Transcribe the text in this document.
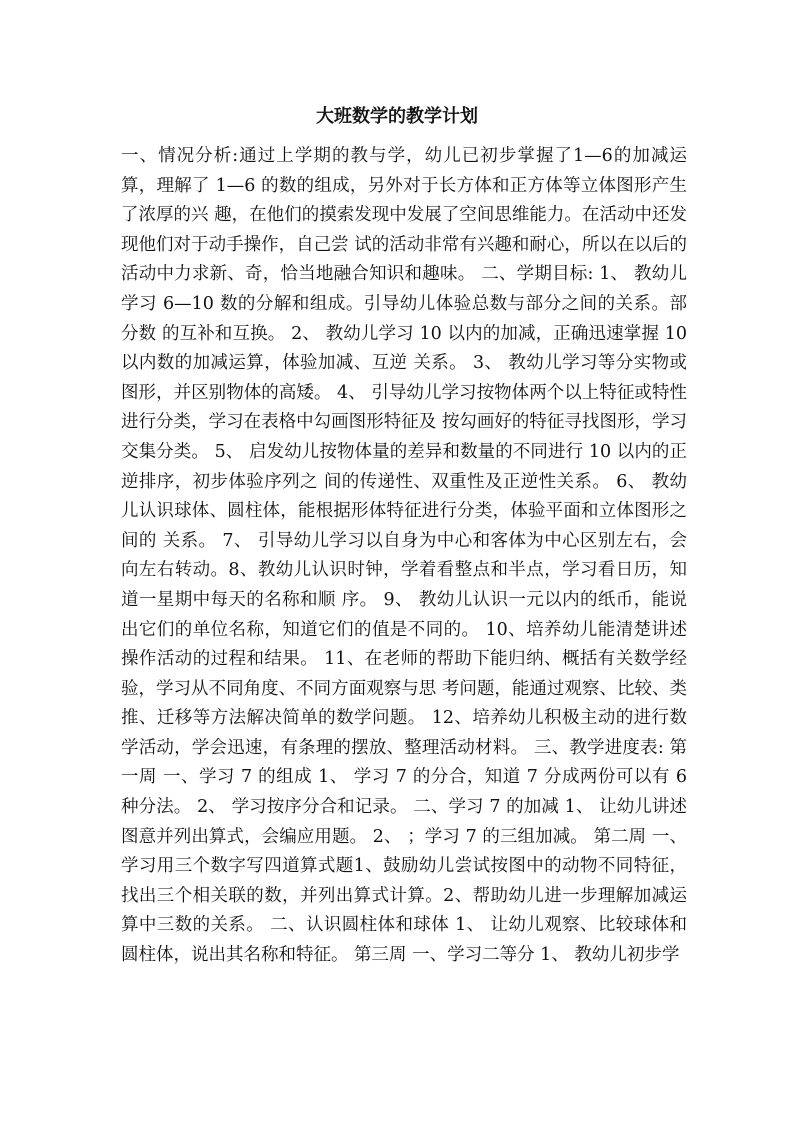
大班数学的教学计划

一、情况分析:通过上学期的教与学，幼儿已初步掌握了1—6的加减运算，理解了 1—6 的数的组成，另外对于长方体和正方体等立体图形产生了浓厚的兴 趣，在他们的摸索发现中发展了空间思维能力。在活动中还发现他们对于动手操作，自己尝 试的活动非常有兴趣和耐心，所以在以后的活动中力求新、奇，恰当地融合知识和趣味。 二、学期目标: 1、 教幼儿学习 6—10 数的分解和组成。引导幼儿体验总数与部分之间的关系。部分数 的互补和互换。 2、 教幼儿学习 10 以内的加减，正确迅速掌握 10 以内数的加减运算，体验加减、互逆 关系。 3、 教幼儿学习等分实物或图形，并区别物体的高矮。 4、 引导幼儿学习按物体两个以上特征或特性进行分类，学习在表格中勾画图形特征及 按勾画好的特征寻找图形，学习交集分类。 5、 启发幼儿按物体量的差异和数量的不同进行 10 以内的正逆排序，初步体验序列之 间的传递性、双重性及正逆性关系。 6、 教幼儿认识球体、圆柱体，能根据形体特征进行分类，体验平面和立体图形之间的 关系。 7、 引导幼儿学习以自身为中心和客体为中心区别左右，会向左右转动。8、教幼儿认识时钟，学着看整点和半点，学习看日历，知道一星期中每天的名称和顺 序。 9、 教幼儿认识一元以内的纸币，能说出它们的单位名称，知道它们的值是不同的。 10、培养幼儿能清楚讲述操作活动的过程和结果。 11、在老师的帮助下能归纳、概括有关数学经验，学习从不同角度、不同方面观察与思 考问题，能通过观察、比较、类推、迁移等方法解决简单的数学问题。 12、培养幼儿积极主动的进行数学活动，学会迅速，有条理的摆放、整理活动材料。 三、教学进度表: 第一周 一、学习 7 的组成 1、 学习 7 的分合，知道 7 分成两份可以有 6 种分法。 2、 学习按序分合和记录。 二、学习 7 的加减 1、 让幼儿讲述图意并列出算式，会编应用题。 2、 ；学习 7 的三组加减。 第二周 一、学习用三个数字写四道算式题1、鼓励幼儿尝试按图中的动物不同特征，找出三个相关联的数，并列出算式计算。2、帮助幼儿进一步理解加减运算中三数的关系。 二、认识圆柱体和球体 1、 让幼儿观察、比较球体和圆柱体，说出其名称和特征。 第三周 一、学习二等分 1、 教幼儿初步学
